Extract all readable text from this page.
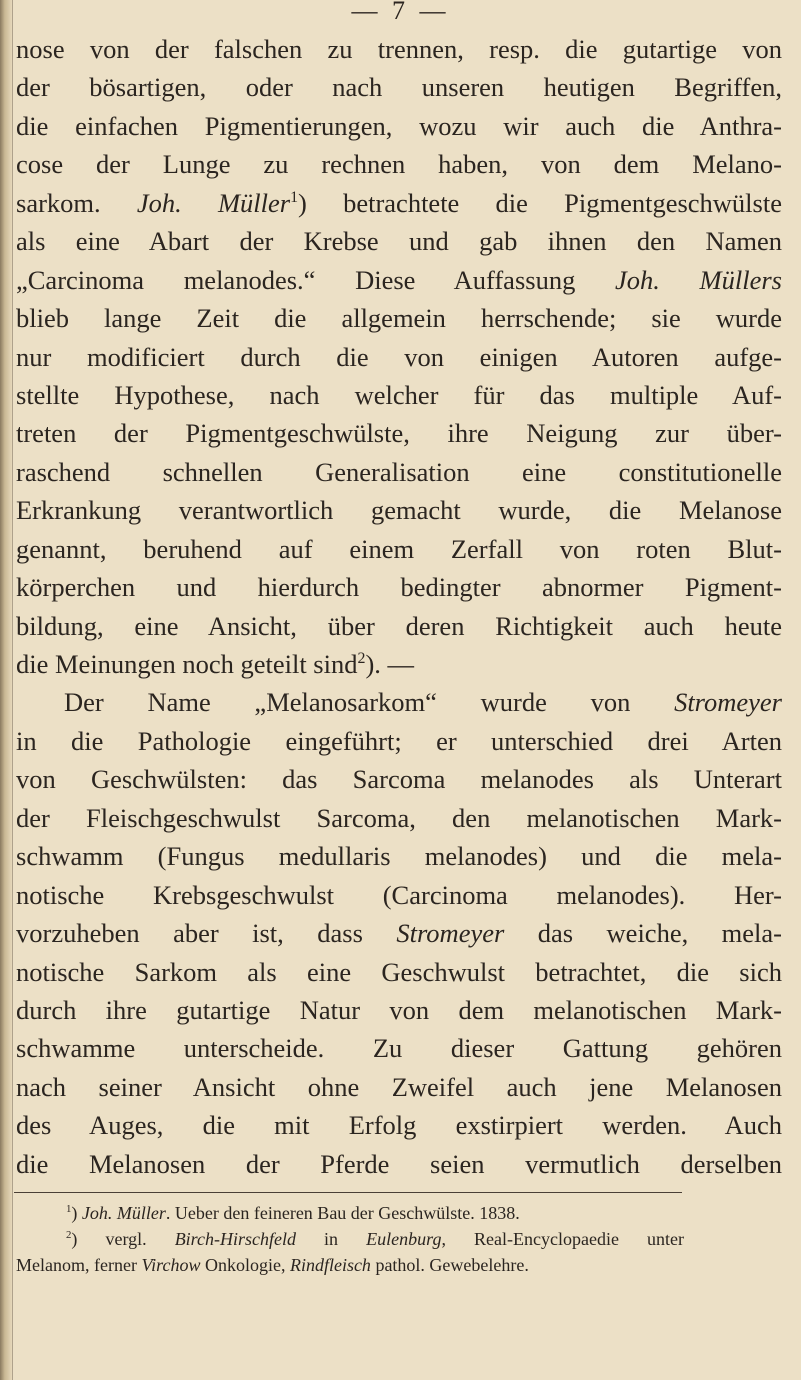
— 7 —
nose von der falschen zu trennen, resp. die gutartige von
der bösartigen, oder nach unseren heutigen Begriffen,
die einfachen Pigmentierungen, wozu wir auch die Anthra-
cose der Lunge zu rechnen haben, von dem Melano-
sarkom. Joh. Müller$^1$) betrachtete die Pigmentgeschwülste
als eine Abart der Krebse und gab ihnen den Namen
„Carcinoma melanodes.“ Diese Auffassung Joh. Müllers
blieb lange Zeit die allgemein herrschende; sie wurde
nur modificiert durch die von einigen Autoren aufge-
stellte Hypothese, nach welcher für das multiple Auf-
treten der Pigmentgeschwülste, ihre Neigung zur über-
raschend schnellen Generalisation eine constitutionelle
Erkrankung verantwortlich gemacht wurde, die Melanose
genannt, beruhend auf einem Zerfall von roten Blut-
körperchen und hierdurch bedingter abnormer Pigment-
bildung, eine Ansicht, über deren Richtigkeit auch heute
die Meinungen noch geteilt sind$^2$). —
Der Name „Melanosarkom“ wurde von Stromeyer
in die Pathologie eingeführt; er unterschied drei Arten
von Geschwülsten: das Sarcoma melanodes als Unterart
der Fleischgeschwulst Sarcoma, den melanotischen Mark-
schwamm (Fungus medullaris melanodes) und die mela-
notische Krebsgeschwulst (Carcinoma melanodes). Her-
vorzuheben aber ist, dass Stromeyer das weiche, mela-
notische Sarkom als eine Geschwulst betrachtet, die sich
durch ihre gutartige Natur von dem melanotischen Mark-
schwamme unterscheide. Zu dieser Gattung gehören
nach seiner Ansicht ohne Zweifel auch jene Melanosen
des Auges, die mit Erfolg exstirpiert werden. Auch
die Melanosen der Pferde seien vermutlich derselben
$^1$) Joh. Müller. Ueber den feineren Bau der Geschwülste. 1838.
$^2$) vergl. Birch-Hirschfeld in Eulenburg, Real-Encyclopaedie unter
Melanom, ferner Virchow Onkologie, Rindfleisch pathol. Gewebelehre.
